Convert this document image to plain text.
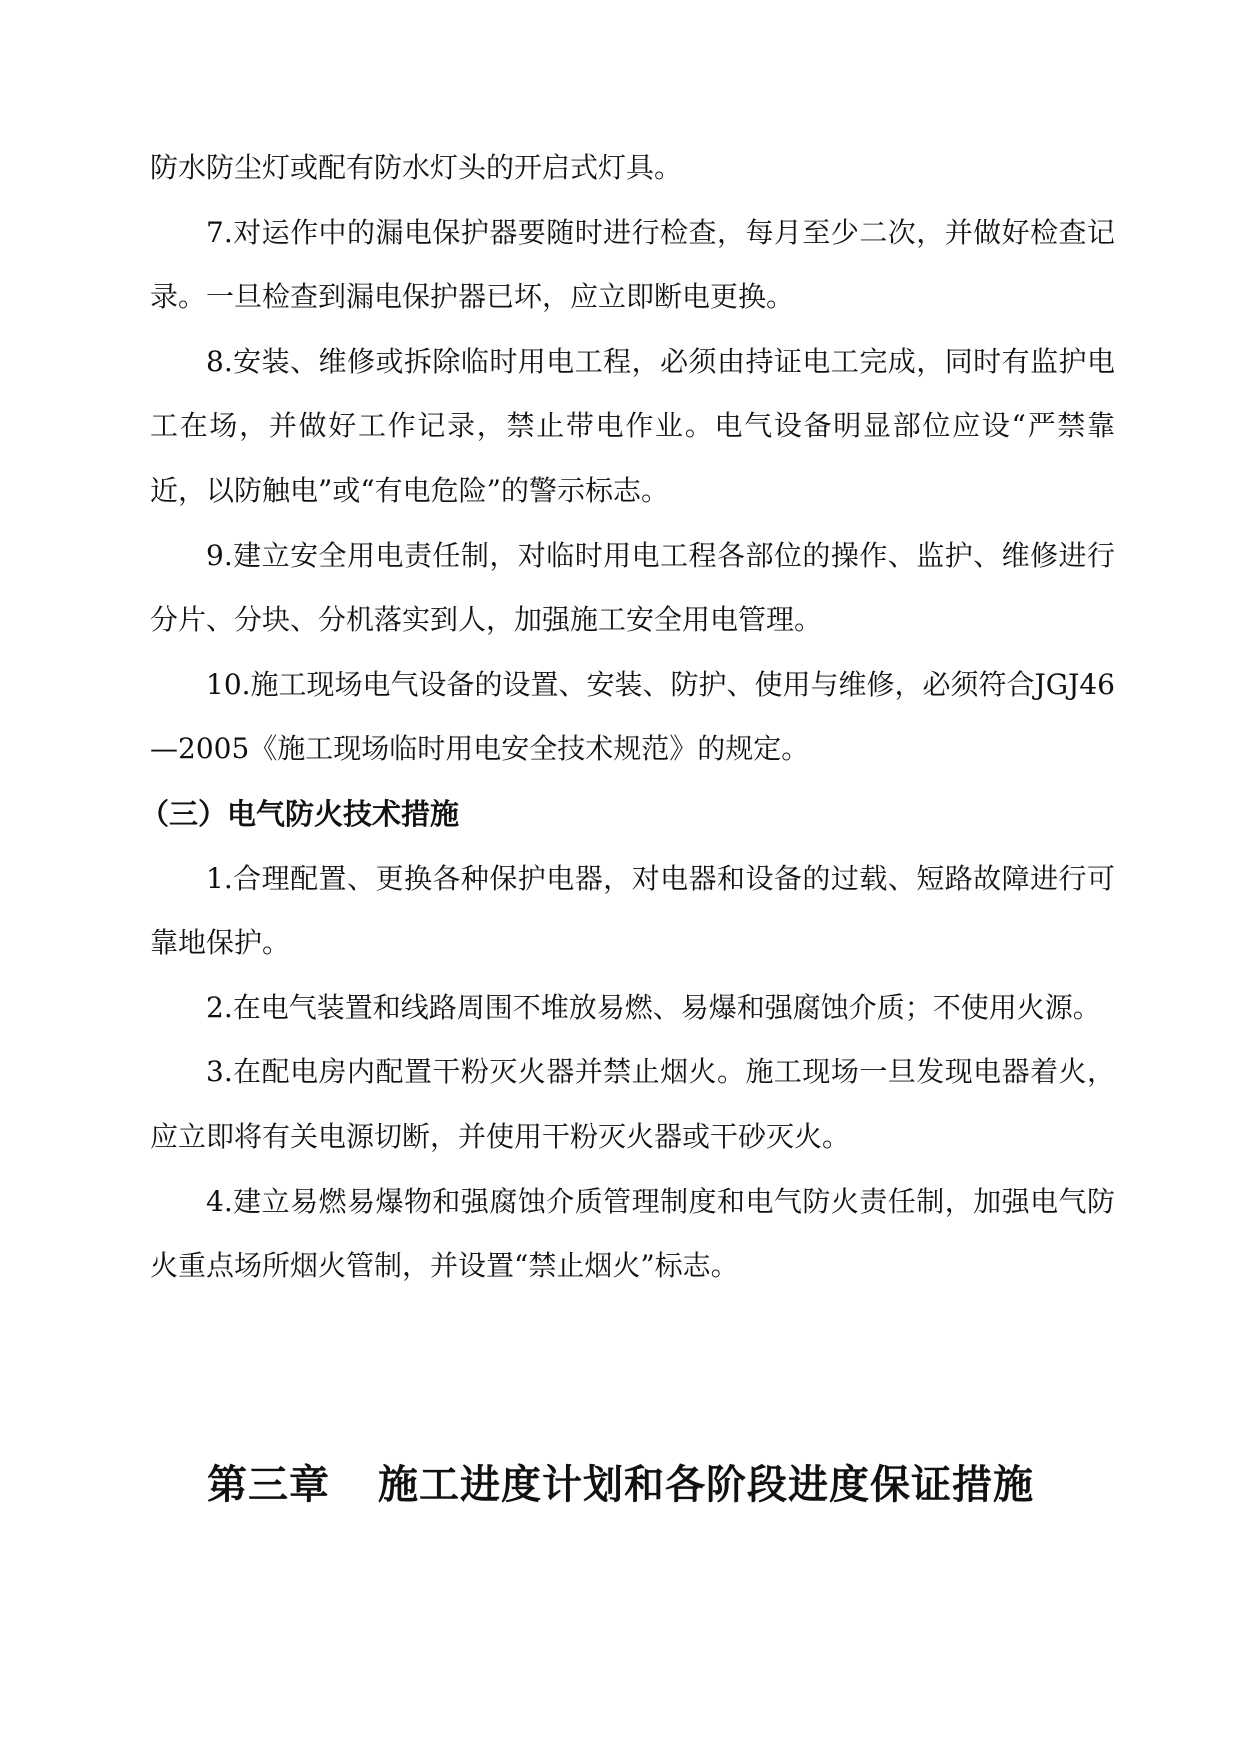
防水防尘灯或配有防水灯头的开启式灯具。

7.对运作中的漏电保护器要随时进行检查，每月至少二次，并做好检查记录。一旦检查到漏电保护器已坏，应立即断电更换。

8.安装、维修或拆除临时用电工程，必须由持证电工完成，同时有监护电工在场，并做好工作记录，禁止带电作业。电气设备明显部位应设“严禁靠近，以防触电”或“有电危险”的警示标志。

9.建立安全用电责任制，对临时用电工程各部位的操作、监护、维修进行分片、分块、分机落实到人，加强施工安全用电管理。

10.施工现场电气设备的设置、安装、防护、使用与维修，必须符合JGJ46—2005《施工现场临时用电安全技术规范》的规定。

（三）电气防火技术措施

1.合理配置、更换各种保护电器，对电器和设备的过载、短路故障进行可靠地保护。

2.在电气装置和线路周围不堆放易燃、易爆和强腐蚀介质；不使用火源。

3.在配电房内配置干粉灭火器并禁止烟火。施工现场一旦发现电器着火，应立即将有关电源切断，并使用干粉灭火器或干砂灭火。

4.建立易燃易爆物和强腐蚀介质管理制度和电气防火责任制，加强电气防火重点场所烟火管制，并设置“禁止烟火”标志。

第三章 施工进度计划和各阶段进度保证措施
